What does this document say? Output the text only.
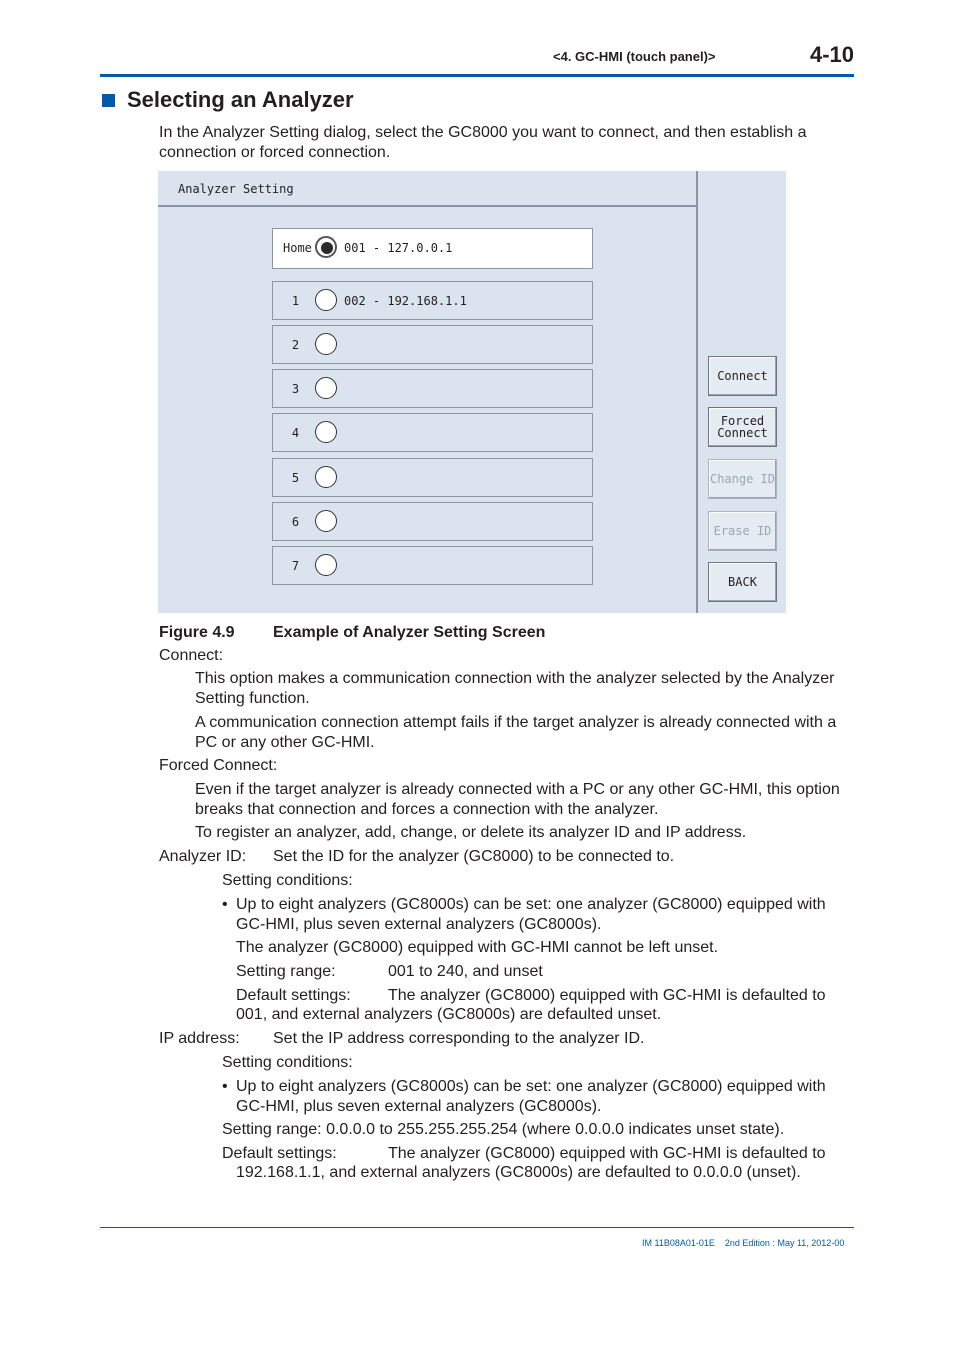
<4. GC-HMI (touch panel)>	4-10
Selecting an Analyzer
In the Analyzer Setting dialog, select the GC8000 you want to connect, and then establish a connection or forced connection.
Analyzer Setting
Home	001 - 127.0.0.1
1	002 - 192.168.1.1
2
3
4
5
6
7
Connect
Forced
Connect
Change ID
Erase ID
BACK
Figure 4.9 Example of Analyzer Setting Screen
Connect:
This option makes a communication connection with the analyzer selected by the Analyzer Setting function.
A communication connection attempt fails if the target analyzer is already connected with a PC or any other GC-HMI.
Forced Connect:
Even if the target analyzer is already connected with a PC or any other GC-HMI, this option breaks that connection and forces a connection with the analyzer.
To register an analyzer, add, change, or delete its analyzer ID and IP address.
Analyzer ID: Set the ID for the analyzer (GC8000) to be connected to.
Setting conditions:
• Up to eight analyzers (GC8000s) can be set: one analyzer (GC8000) equipped with GC-HMI, plus seven external analyzers (GC8000s).
The analyzer (GC8000) equipped with GC-HMI cannot be left unset.
Setting range:	001 to 240, and unset
Default settings: The analyzer (GC8000) equipped with GC-HMI is defaulted to
001, and external analyzers (GC8000s) are defaulted unset.
IP address: Set the IP address corresponding to the analyzer ID.
Setting conditions:
• Up to eight analyzers (GC8000s) can be set: one analyzer (GC8000) equipped with GC-HMI, plus seven external analyzers (GC8000s).
Setting range: 0.0.0.0 to 255.255.255.254 (where 0.0.0.0 indicates unset state).
Default settings:	The analyzer (GC8000) equipped with GC-HMI is defaulted to
192.168.1.1, and external analyzers (GC8000s) are defaulted to 0.0.0.0 (unset).
IM 11B08A01-01E 2nd Edition : May 11, 2012-00
